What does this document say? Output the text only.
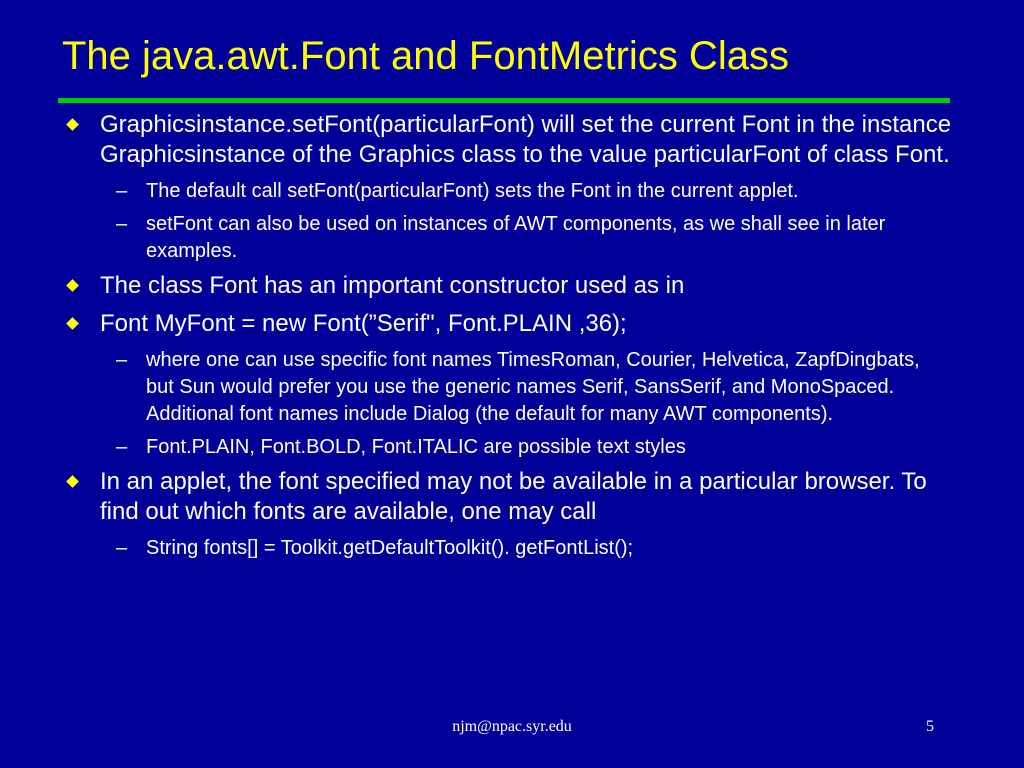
The java.awt.Font and FontMetrics Class
Graphicsinstance.setFont(particularFont) will set the current Font in the instance Graphicsinstance of the Graphics class to the value particularFont of class Font.
– The default call setFont(particularFont) sets the Font in the current applet.
– setFont can also be used on instances of AWT components, as we shall see in later examples.
The class Font has an important constructor used as in
Font MyFont = new Font(”Serif", Font.PLAIN ,36);
– where one can use specific font names TimesRoman, Courier, Helvetica, ZapfDingbats, but Sun would prefer you use the generic names Serif, SansSerif, and MonoSpaced. Additional font names include Dialog (the default for many AWT components).
– Font.PLAIN, Font.BOLD, Font.ITALIC are possible text styles
In an applet, the font specified may not be available in a particular browser. To find out which fonts are available, one may call
– String fonts[] = Toolkit.getDefaultToolkit(). getFontList();
njm@npac.syr.edu	5
